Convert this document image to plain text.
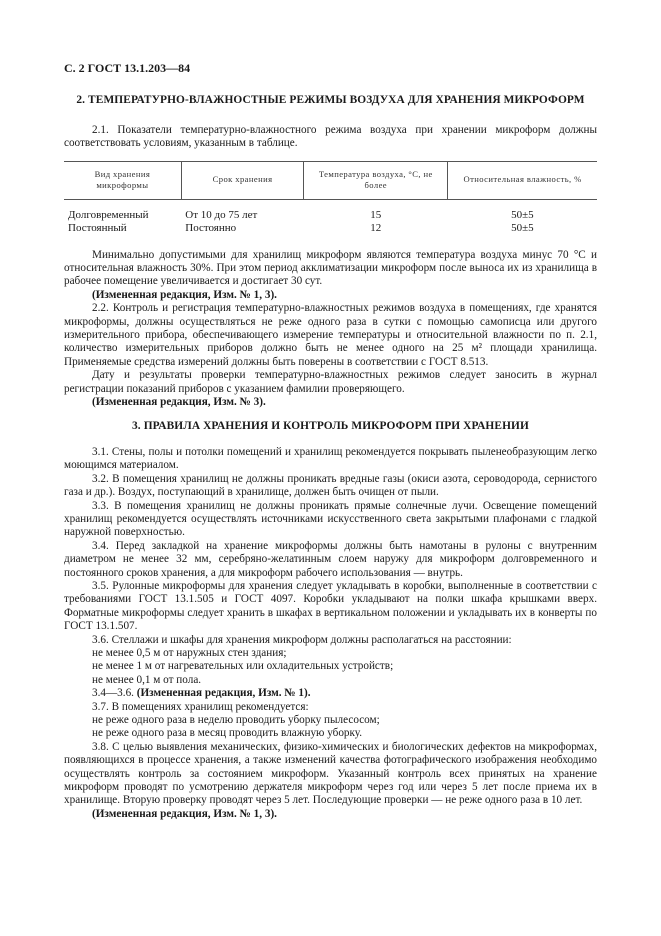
С. 2 ГОСТ 13.1.203—84
2. ТЕМПЕРАТУРНО-ВЛАЖНОСТНЫЕ РЕЖИМЫ ВОЗДУХА ДЛЯ ХРАНЕНИЯ МИКРОФОРМ

2.1. Показатели температурно-влажностного режима воздуха при хранении микроформ должны соответствовать условиям, указанным в таблице.

Вид хранения микроформы	Срок хранения	Температура воздуха, °С, не более	Относительная влажность, %
Долговременный	От 10 до 75 лет	15	50±5
Постоянный	Постоянно	12	50±5

Минимально допустимыми для хранилищ микроформ являются температура воздуха минус 70 °С и относительная влажность 30%. При этом период акклиматизации микроформ после выноса их из хранилища в рабочее помещение увеличивается и достигает 30 сут.

(Измененная редакция, Изм. № 1, 3).

2.2. Контроль и регистрация температурно-влажностных режимов воздуха в помещениях, где хранятся микроформы, должны осуществляться не реже одного раза в сутки с помощью самописца или другого измерительного прибора, обеспечивающего измерение температуры и относительной влажности по п. 2.1, количество измерительных приборов должно быть не менее одного на 25 м² площади хранилища. Применяемые средства измерений должны быть поверены в соответствии с ГОСТ 8.513.

Дату и результаты проверки температурно-влажностных режимов следует заносить в журнал регистрации показаний приборов с указанием фамилии проверяющего.

(Измененная редакция, Изм. № 3).

3. ПРАВИЛА ХРАНЕНИЯ И КОНТРОЛЬ МИКРОФОРМ ПРИ ХРАНЕНИИ

3.1. Стены, полы и потолки помещений и хранилищ рекомендуется покрывать пыленеобразующим легко моющимся материалом.

3.2. В помещения хранилищ не должны проникать вредные газы (окиси азота, сероводорода, сернистого газа и др.). Воздух, поступающий в хранилище, должен быть очищен от пыли.

3.3. В помещения хранилищ не должны проникать прямые солнечные лучи. Освещение помещений хранилищ рекомендуется осуществлять источниками искусственного света закрытыми плафонами с гладкой наружной поверхностью.

3.4. Перед закладкой на хранение микроформы должны быть намотаны в рулоны с внутренним диаметром не менее 32 мм, серебряно-желатинным слоем наружу для микроформ долговременного и постоянного сроков хранения, а для микроформ рабочего использования — внутрь.

3.5. Рулонные микроформы для хранения следует укладывать в коробки, выполненные в соответствии с требованиями ГОСТ 13.1.505 и ГОСТ 4097. Коробки укладывают на полки шкафа крышками вверх. Форматные микроформы следует хранить в шкафах в вертикальном положении и укладывать их в конверты по ГОСТ 13.1.507.

3.6. Стеллажи и шкафы для хранения микроформ должны располагаться на расстоянии:

не менее 0,5 м от наружных стен здания;

не менее 1 м от нагревательных или охладительных устройств;

не менее 0,1 м от пола.

3.4—3.6. (Измененная редакция, Изм. № 1).

3.7. В помещениях хранилищ рекомендуется:

не реже одного раза в неделю проводить уборку пылесосом;

не реже одного раза в месяц проводить влажную уборку.

3.8. С целью выявления механических, физико-химических и биологических дефектов на микроформах, появляющихся в процессе хранения, а также изменений качества фотографического изображения необходимо осуществлять контроль за состоянием микроформ. Указанный контроль всех принятых на хранение микроформ проводят по усмотрению держателя микроформ через год или через 5 лет после приема их в хранилище. Вторую проверку проводят через 5 лет. Последующие проверки — не реже одного раза в 10 лет.

(Измененная редакция, Изм. № 1, 3).
